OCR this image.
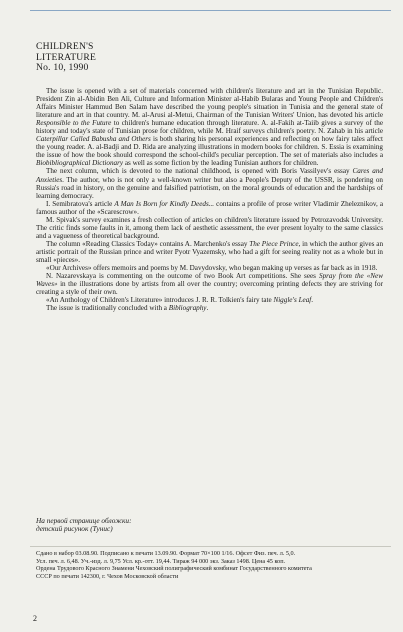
CHILDREN'S
LITERATURE
No. 10, 1990

The issue is opened with a set of materials concerned with children's literature and art in the Tunisian Republic. President Zin al-Abidin Ben Ali, Culture and Information Minister al-Habib Bularas and Young People and Children's Affairs Minister Hammud Ben Salam have described the young people's situation in Tunisia and the general state of literature and art in that country. M. al-Arusi al-Metui, Chairman of the Tunisian Writers' Union, has devoted his article Responsible to the Future to children's humane education through literature. A. al-Fakih at-Taiib gives a survey of the history and today's state of Tunisian prose for children, while M. Hraif surveys children's poetry. N. Zahab in his article Caterpillar Called Babusha and Others is both sharing his personal experiences and reflecting on how fairy tales affect the young reader. A. al-Badji and D. Rida are analyzing illustrations in modern books for children. S. Essia is examining the issue of how the book should correspond the school-child's peculiar perception. The set of materials also includes a Biobibliographical Dictionary as well as some fiction by the leading Tunisian authors for children.

The next column, which is devoted to the national childhood, is opened with Boris Vassilyev's essay Cares and Anxieties. The author, who is not only a well-known writer but also a People's Deputy of the USSR, is pondering on Russia's road in history, on the genuine and falsified patriotism, on the moral grounds of education and the hardships of learning democracy.

I. Semibratova's article A Man Is Born for Kindly Deeds... contains a profile of prose writer Vladimir Zheleznikov, a famous author of the «Scarescrow».

M. Spivak's survey examines a fresh collection of articles on children's literature issued by Petrozavodsk University. The critic finds some faults in it, among them lack of aesthetic assessment, the ever present loyalty to the same classics and a vagueness of theoretical background.

The column «Reading Classics Today» contains A. Marchenko's essay The Piece Prince, in which the author gives an artistic portrait of the Russian prince and writer Pyotr Vyazemsky, who had a gift for seeing reality not as a whole but in small «pieces».

«Our Archives» offers memoirs and poems by M. Davydovsky, who began making up verses as far back as in 1918.

N. Nazarevskaya is commenting on the outcome of two Book Art competitions. She sees Spray from the «New Waves» in the illustrations done by artists from all over the country; overcoming printing defects they are striving for creating a style of their own.

«An Anthology of Children's Literature» introduces J. R. R. Tolkien's fairy tate Niggle's Leaf.

The issue is traditionally concluded with a Bibliography.

На первой странице обложки:
детский рисунок (Тунис)
Сдано в набор 03.08.90. Подписано к печати 13.09.90. Формат 70×100 1/16. Офсет Физ. печ. л. 5,0.
Усл. печ. л. 6,48. Уч.-изд. л. 9,75 Усл. кр.-отт. 19,44. Тираж 94 000 экз. Заказ 1498. Цена 45 коп.
Ордена Трудового Красного Знамени Чеховский полиграфический комбинат Государственного комитета
СССР по печати 142300, г. Чехов Московской области
2
